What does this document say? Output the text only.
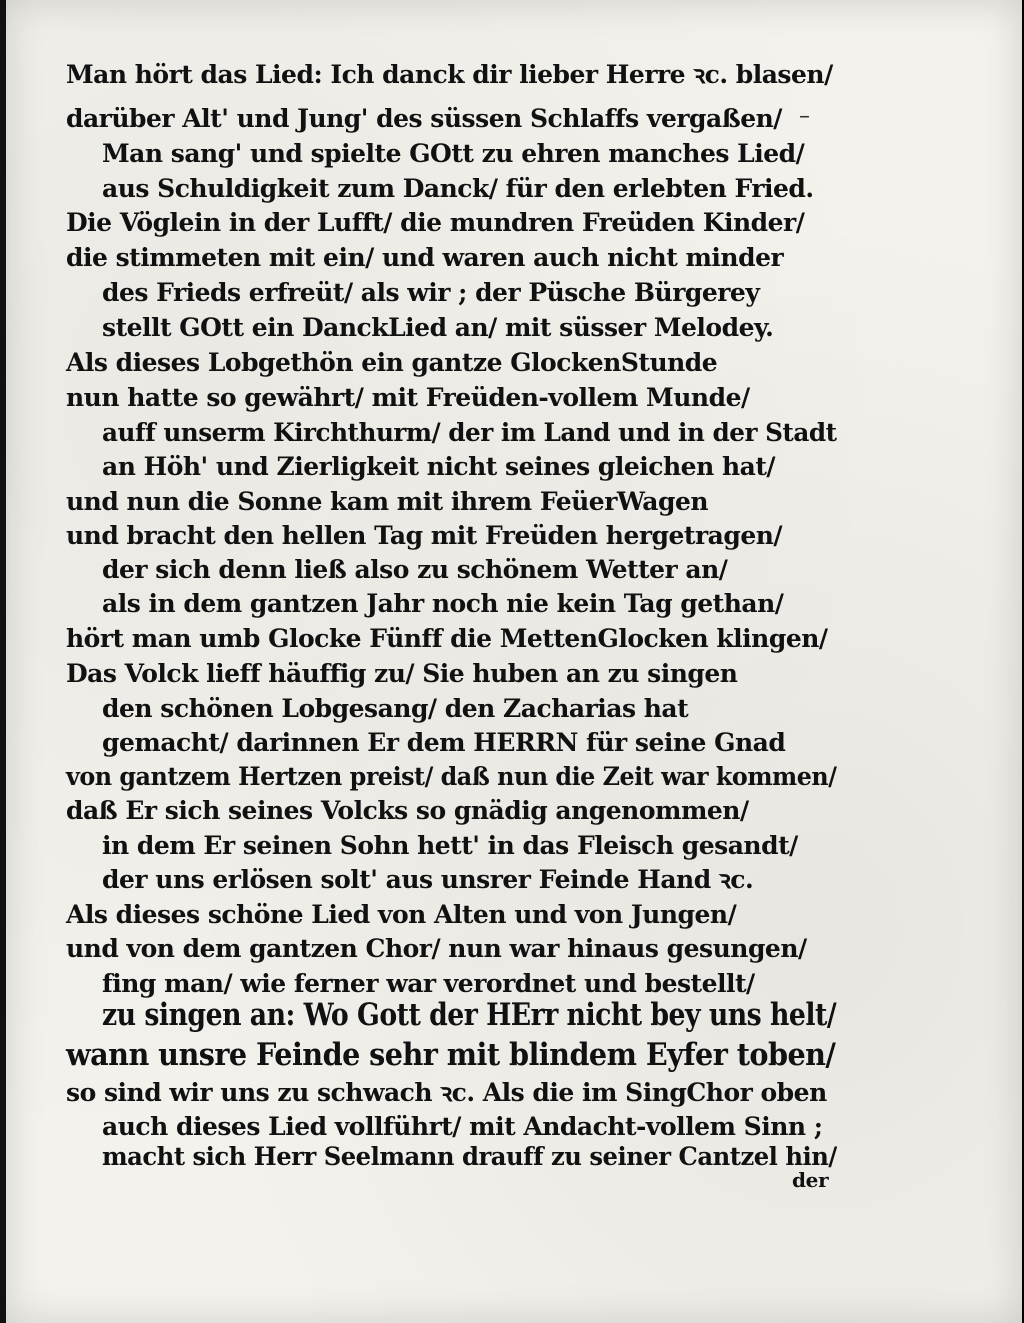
Man hört das Lied: Ich danck dir lieber Herre ꝛc. blasen/
darüber Alt' und Jung' des süssen Schlaffs vergaßen/
Man sang' und spielte GOtt zu ehren manches Lied/
aus Schuldigkeit zum Danck/ für den erlebten Fried.
Die Vöglein in der Lufft/ die mundren Freüden Kinder/
die stimmeten mit ein/ und waren auch nicht minder
des Frieds erfreüt/ als wir ; der Püsche Bürgerey
stellt GOtt ein DanckLied an/ mit süsser Melodey.
Als dieses Lobgethön ein gantze GlockenStunde
nun hatte so gewährt/ mit Freüden-vollem Munde/
auff unserm Kirchthurm/ der im Land und in der Stadt
an Höh' und Zierligkeit nicht seines gleichen hat/
und nun die Sonne kam mit ihrem FeüerWagen
und bracht den hellen Tag mit Freüden hergetragen/
der sich denn ließ also zu schönem Wetter an/
als in dem gantzen Jahr noch nie kein Tag gethan/
hört man umb Glocke Fünff die MettenGlocken klingen/
Das Volck lieff häuffig zu/ Sie huben an zu singen
den schönen Lobgesang/ den Zacharias hat
gemacht/ darinnen Er dem HERRN für seine Gnad
von gantzem Hertzen preist/ daß nun die Zeit war kommen/
daß Er sich seines Volcks so gnädig angenommen/
in dem Er seinen Sohn hett' in das Fleisch gesandt/
der uns erlösen solt' aus unsrer Feinde Hand ꝛc.
Als dieses schöne Lied von Alten und von Jungen/
und von dem gantzen Chor/ nun war hinaus gesungen/
fing man/ wie ferner war verordnet und bestellt/
zu singen an: Wo Gott der HErr nicht bey uns helt/
wann unsre Feinde sehr mit blindem Eyfer toben/
so sind wir uns zu schwach ꝛc. Als die im SingChor oben
auch dieses Lied vollführt/ mit Andacht-vollem Sinn ;
macht sich Herr Seelmann drauff zu seiner Cantzel hin/
–
der
